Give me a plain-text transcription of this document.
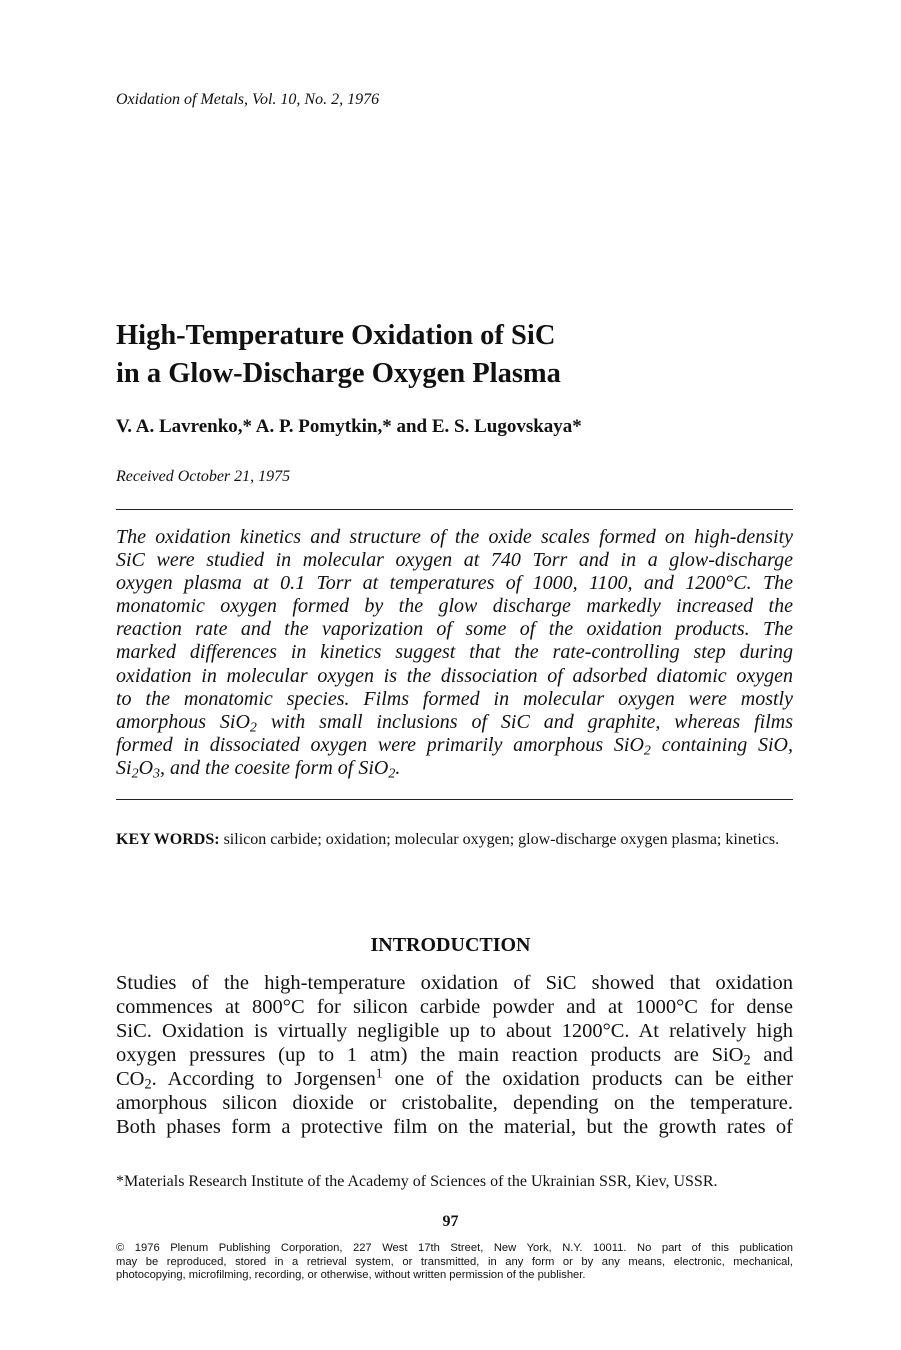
Oxidation of Metals, Vol. 10, No. 2, 1976
High-Temperature Oxidation of SiC
in a Glow-Discharge Oxygen Plasma
V. A. Lavrenko,* A. P. Pomytkin,* and E. S. Lugovskaya*
Received October 21, 1975
The oxidation kinetics and structure of the oxide scales formed on high-density
SiC were studied in molecular oxygen at 740 Torr and in a glow-discharge
oxygen plasma at 0.1 Torr at temperatures of 1000, 1100, and 1200°C. The
monatomic oxygen formed by the glow discharge markedly increased the
reaction rate and the vaporization of some of the oxidation products. The
marked differences in kinetics suggest that the rate-controlling step during
oxidation in molecular oxygen is the dissociation of adsorbed diatomic oxygen
to the monatomic species. Films formed in molecular oxygen were mostly
amorphous SiO$_2$ with small inclusions of SiC and graphite, whereas films
formed in dissociated oxygen were primarily amorphous SiO$_2$ containing SiO,
$Si_2O_3$, and the coesite form of SiO$_2$.
KEY WORDS: silicon carbide; oxidation; molecular oxygen; glow-discharge oxygen plasma; kinetics.
INTRODUCTION
Studies of the high-temperature oxidation of SiC showed that oxidation
commences at 800°C for silicon carbide powder and at 1000°C for dense
SiC. Oxidation is virtually negligible up to about 1200°C. At relatively high
oxygen pressures (up to 1 atm) the main reaction products are SiO$_2$ and
$CO_2$. According to Jorgensen$^1$ one of the oxidation products can be either
amorphous silicon dioxide or cristobalite, depending on the temperature.
Both phases form a protective film on the material, but the growth rates of
*Materials Research Institute of the Academy of Sciences of the Ukrainian SSR, Kiev, USSR.
97
© 1976 Plenum Publishing Corporation, 227 West 17th Street, New York, N.Y. 10011. No part of this publication
may be reproduced, stored in a retrieval system, or transmitted, in any form or by any means, electronic, mechanical,
photocopying, microfilming, recording, or otherwise, without written permission of the publisher.
